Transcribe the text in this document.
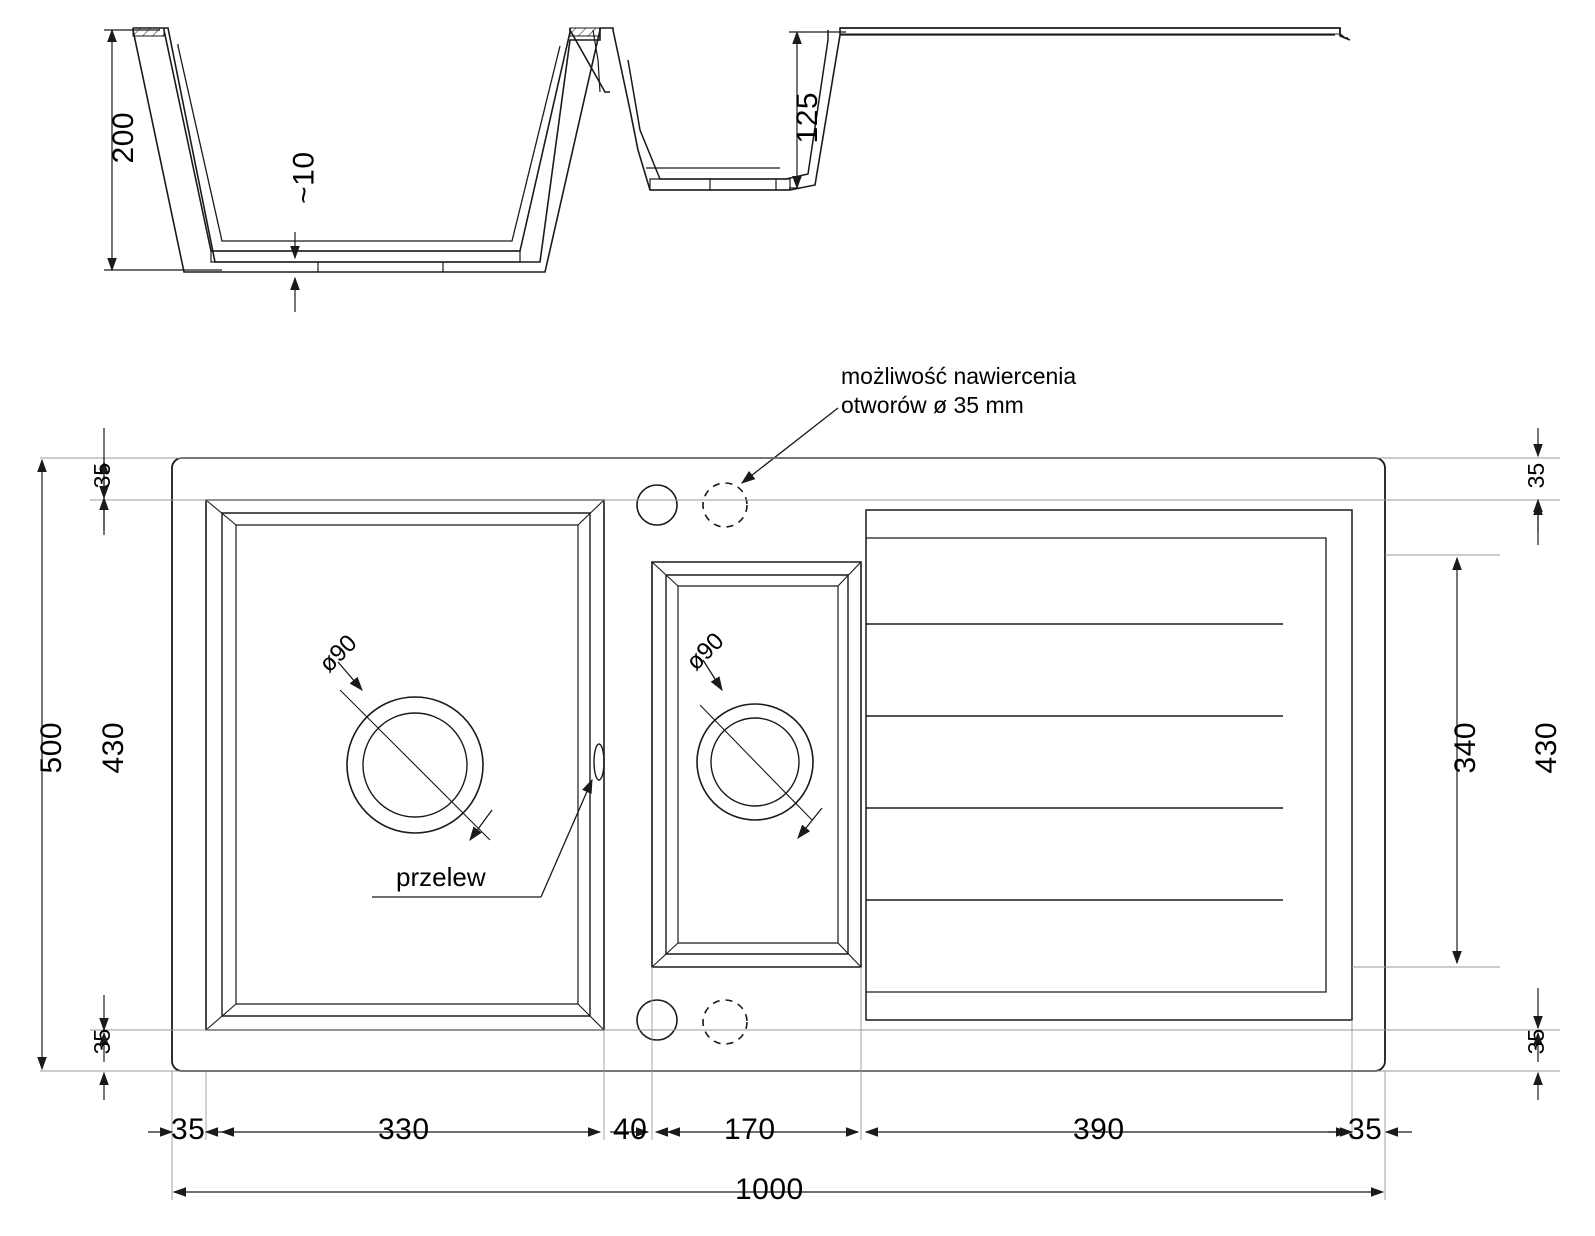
200
~10
125
możliwość nawiercenia
otworów ø 35 mm
przelew
ø90	ø90
35
430
35
500
35
340 430
35
35	330	40	170	390	35
1000
